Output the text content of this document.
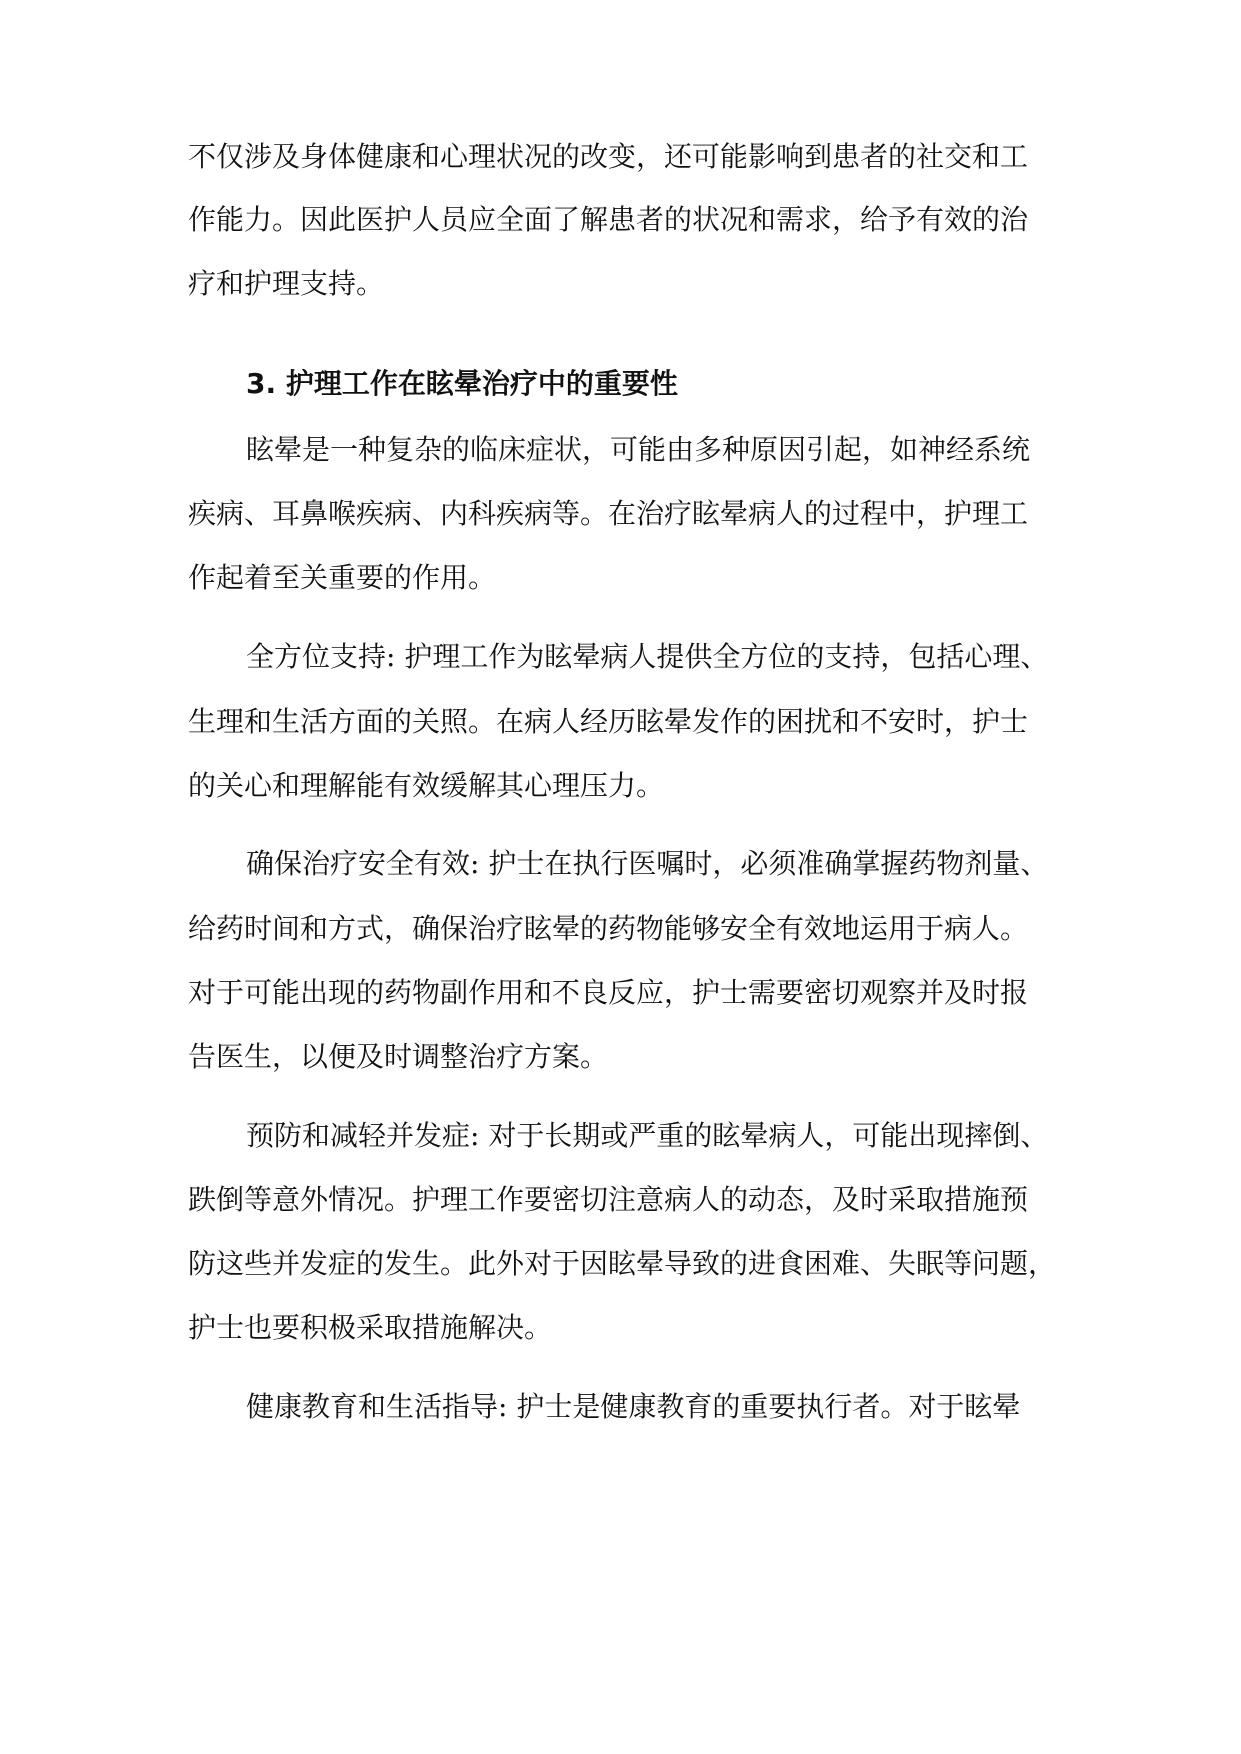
不仅涉及身体健康和心理状况的改变，还可能影响到患者的社交和工
作能力。因此医护人员应全面了解患者的状况和需求，给予有效的治
疗和护理支持。
3. 护理工作在眩晕治疗中的重要性
眩晕是一种复杂的临床症状，可能由多种原因引起，如神经系统
疾病、耳鼻喉疾病、内科疾病等。在治疗眩晕病人的过程中，护理工
作起着至关重要的作用。
全方位支持: 护理工作为眩晕病人提供全方位的支持，包括心理、
生理和生活方面的关照。在病人经历眩晕发作的困扰和不安时，护士
的关心和理解能有效缓解其心理压力。
确保治疗安全有效: 护士在执行医嘱时，必须准确掌握药物剂量、
给药时间和方式，确保治疗眩晕的药物能够安全有效地运用于病人。
对于可能出现的药物副作用和不良反应，护士需要密切观察并及时报
告医生，以便及时调整治疗方案。
预防和减轻并发症: 对于长期或严重的眩晕病人，可能出现摔倒、
跌倒等意外情况。护理工作要密切注意病人的动态，及时采取措施预
防这些并发症的发生。此外对于因眩晕导致的进食困难、失眠等问题，
护士也要积极采取措施解决。
健康教育和生活指导: 护士是健康教育的重要执行者。对于眩晕
